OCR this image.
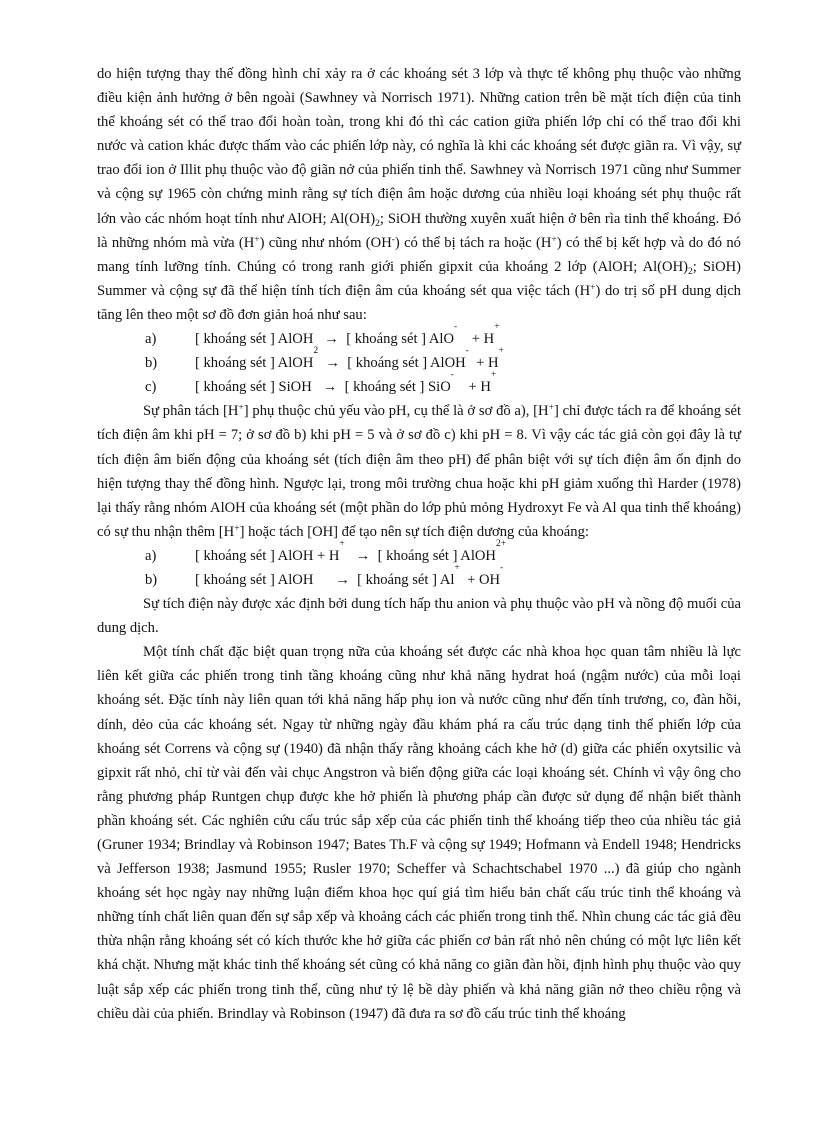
do hiện tượng thay thế đồng hình chỉ xảy ra ở các khoáng sét 3 lớp và thực tế không phụ thuộc vào những điều kiện ảnh hưởng ở bên ngoài (Sawhney và Norrisch 1971). Những cation trên bề mặt tích điện của tinh thể khoáng sét có thể trao đổi hoàn toàn, trong khi đó thì các cation giữa phiến lớp chỉ có thể trao đổi khi nước và cation khác được thấm vào các phiến lớp này, có nghĩa là khi các khoáng sét được giãn ra. Vì vậy, sự trao đổi ion ở Illit phụ thuộc vào độ giãn nở của phiến tinh thể. Sawhney và Norrisch 1971 cũng như Summer và cộng sự 1965 còn chứng minh rằng sự tích điện âm hoặc dương của nhiều loại khoáng sét phụ thuộc rất lớn vào các nhóm hoạt tính như AlOH; $Al(OH)_2$; SiOH thường xuyên xuất hiện ở bên rìa tinh thể khoáng. Đó là những nhóm mà vừa (H+) cũng như nhóm (OH-) có thể bị tách ra hoặc (H+) có thể bị kết hợp và do đó nó mang tính lưỡng tính. Chúng có trong ranh giới phiến gipxit của khoáng 2 lớp (AlOH; $Al(OH)_2$; SiOH) Summer và cộng sự đã thể hiện tính tích điện âm của khoáng sét qua việc tách (H+) do trị số pH dung dịch tăng lên theo một sơ đồ đơn giản hoá như sau:

a)	[ khoáng sét ] AlOH   →  [ khoáng sét ] AlO
-
+ H
+
b)	[ khoáng sét ] AlOH
2
→  [ khoáng sét ] AlOH
-
+ H
+
c)	[ khoáng sét ] SiOH   →  [ khoáng sét ] SiO
-
+ H
+

Sự phân tách [H+] phụ thuộc chủ yếu vào pH, cụ thể là ở sơ đồ a), [H+] chỉ được tách ra để khoáng sét tích điện âm khi pH = 7; ở sơ đồ b) khi pH = 5 và ở sơ đồ c) khi pH = 8. Vì vậy các tác giả còn gọi đây là tự tích điện âm biến động của khoáng sét (tích điện âm theo pH) để phân biệt với sự tích điện âm ổn định do hiện tượng thay thế đồng hình. Ngược lại, trong môi trường chua hoặc khi pH giảm xuống thì Harder (1978) lại thấy rằng nhóm AlOH của khoáng sét (một phần do lớp phủ mỏng Hydroxyt Fe và Al qua tinh thể khoáng) có sự thu nhận thêm [H+] hoặc tách [OH] để tạo nên sự tích điện dương của khoáng:

a)	[ khoáng sét ] AlOH + H
+
→  [ khoáng sét ] AlOH
2 +
b)	[ khoáng sét ] AlOH      →  [ khoáng sét ] Al
+
+ OH
-

Sự tích điện này được xác định bởi dung tích hấp thu anion và phụ thuộc vào pH và nồng độ muối của dung dịch.

Một tính chất đặc biệt quan trọng nữa của khoáng sét được các nhà khoa học quan tâm nhiều là lực liên kết giữa các phiến trong tinh tầng khoáng cũng như khả năng hydrat hoá (ngậm nước) của mỗi loại khoáng sét. Đặc tính này liên quan tới khả năng hấp phụ ion và nước cũng như đến tính trương, co, đàn hồi, dính, dẻo của các khoáng sét. Ngay từ những ngày đầu khám phá ra cấu trúc dạng tinh thể phiến lớp của khoáng sét Correns và cộng sự (1940) đã nhận thấy rằng khoảng cách khe hở (d) giữa các phiến oxytsilic và gipxit rất nhỏ, chỉ từ vài đến vài chục Angstron và biến động giữa các loại khoáng sét. Chính vì vậy ông cho rằng phương pháp Runtgen chụp được khe hở phiến là phương pháp cần được sử dụng để nhận biết thành phần khoáng sét. Các nghiên cứu cấu trúc sắp xếp của các phiến tinh thể khoáng tiếp theo của nhiều tác giả (Gruner 1934; Brindlay và Robinson 1947; Bates Th.F và cộng sự 1949; Hofmann và Endell 1948; Hendricks và Jefferson 1938; Jasmund 1955; Rusler 1970; Scheffer và Schachtschabel 1970 ...) đã giúp cho ngành khoáng sét học ngày nay những luận điểm khoa học quí giá tìm hiểu bản chất cấu trúc tinh thể khoáng và những tính chất liên quan đến sự sắp xếp và khoảng cách các phiến trong tinh thể. Nhìn chung các tác giả đều thừa nhận rằng khoáng sét có kích thước khe hở giữa các phiến cơ bản rất nhỏ nên chúng có một lực liên kết khá chặt. Nhưng mặt khác tinh thể khoáng sét cũng có khả năng co giãn đàn hồi, định hình phụ thuộc vào quy luật sắp xếp các phiến trong tinh thể, cũng như tỷ lệ bề dày phiến và khả năng giãn nở theo chiều rộng và chiều dài của phiến. Brindlay và Robinson (1947) đã đưa ra sơ đồ cấu trúc tinh thể khoáng
